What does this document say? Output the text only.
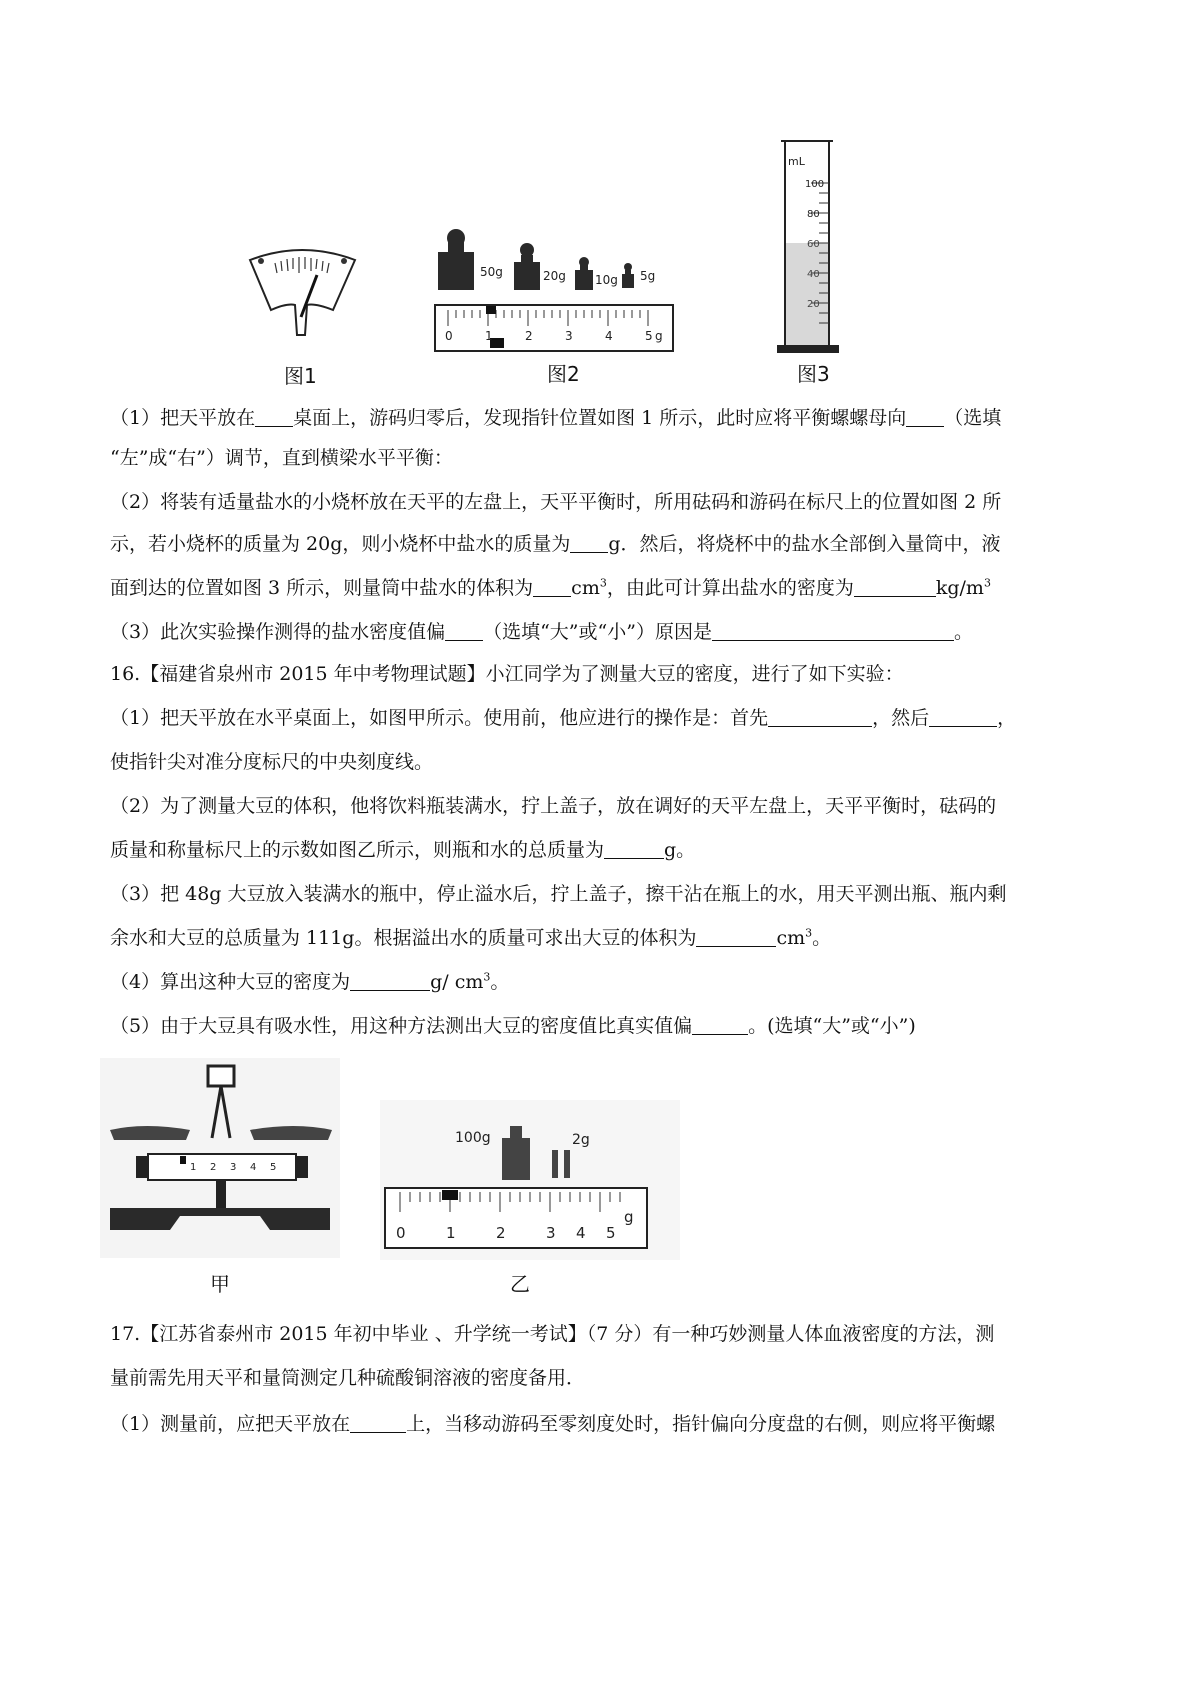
图1
50g	20g 10g 5g
0	1	2	3	4	5 g
图2
mL
100
80
60
40
20
图3
（1）把天平放在 桌面上，游码归零后，发现指针位置如图 1 所示，此时应将平衡螺螺母向 （选填
“左”成“右”）调节，直到横梁水平平衡：
（2）将装有适量盐水的小烧杯放在天平的左盘上，天平平衡时，所用砝码和游码在标尺上的位置如图 2 所
示，若小烧杯的质量为 20g，则小烧杯中盐水的质量为 g．然后，将烧杯中的盐水全部倒入量筒中，液
面到达的位置如图 3 所示，则量筒中盐水的体积为 $cm^3$，由此可计算出盐水的密度为	$kg/m^3$
（3）此次实验操作测得的盐水密度值偏 （选填“大”或“小”）原因是	。
16.【福建省泉州市 2015 年中考物理试题】小江同学为了测量大豆的密度，进行了如下实验：
（1）把天平放在水平桌面上，如图甲所示。使用前，他应进行的操作是：首先	，然后	，
使指针尖对准分度标尺的中央刻度线。
（2）为了测量大豆的体积，他将饮料瓶装满水，拧上盖子，放在调好的天平左盘上，天平平衡时，砝码的
质量和称量标尺上的示数如图乙所示，则瓶和水的总质量为	g。
（3）把 48g 大豆放入装满水的瓶中，停止溢水后，拧上盖子，擦干沾在瓶上的水，用天平测出瓶、瓶内剩
余水和大豆的总质量为 111g。根据溢出水的质量可求出大豆的体积为	$cm^3$。
（4）算出这种大豆的密度为	g/ $cm^3$。
（5）由于大豆具有吸水性，用这种方法测出大豆的密度值比真实值偏	。(选填“大”或“小”)
1 2 3 4 5
甲
100g	2g
0	1	2	3 4 5
g
乙
17.【江苏省泰州市 2015 年初中毕业 、升学统一考试】（7 分）有一种巧妙测量人体血液密度的方法，测
量前需先用天平和量筒测定几种硫酸铜溶液的密度备用．
（1）测量前，应把天平放在	上，当移动游码至零刻度处时，指针偏向分度盘的右侧，则应将平衡螺
